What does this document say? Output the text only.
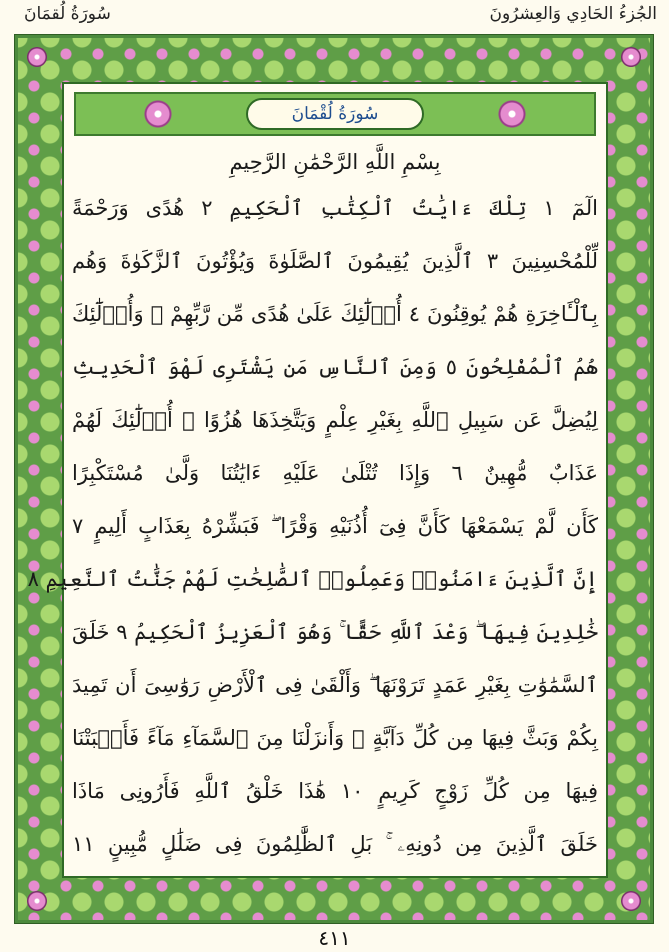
الجُزءُ الحَادِي وَالعِشرُونَ
سُورَةُ لُقمَانَ
سُورَةُ لُقْمَانَ
بِسْمِ اللَّهِ الرَّحْمَٰنِ الرَّحِيمِ
الٓمٓ ١ تِلْكَ ءَايَٰتُ ٱلْكِتَٰبِ ٱلْحَكِيمِ ٢ هُدًى وَرَحْمَةً
لِّلْمُحْسِنِينَ ٣ ٱلَّذِينَ يُقِيمُونَ ٱلصَّلَوٰةَ وَيُؤْتُونَ ٱلزَّكَوٰةَ وَهُم
بِٱلْـَٔاخِرَةِ هُمْ يُوقِنُونَ ٤ أُو۟لَٰٓئِكَ عَلَىٰ هُدًى مِّن رَّبِّهِمْ ۖ وَأُو۟لَٰٓئِكَ
هُمُ ٱلْمُفْلِحُونَ ٥ وَمِنَ ٱلنَّاسِ مَن يَشْتَرِى لَهْوَ ٱلْحَدِيثِ
لِيُضِلَّ عَن سَبِيلِ ٱللَّهِ بِغَيْرِ عِلْمٍ وَيَتَّخِذَهَا هُزُوًا ۚ أُو۟لَٰٓئِكَ لَهُمْ
عَذَابٌ مُّهِينٌ ٦ وَإِذَا تُتْلَىٰ عَلَيْهِ ءَايَٰتُنَا وَلَّىٰ مُسْتَكْبِرًا
كَأَن لَّمْ يَسْمَعْهَا كَأَنَّ فِىٓ أُذُنَيْهِ وَقْرًا ۖ فَبَشِّرْهُ بِعَذَابٍ أَلِيمٍ ٧
إِنَّ ٱلَّذِينَ ءَامَنُوا۟ وَعَمِلُوا۟ ٱلصَّٰلِحَٰتِ لَهُمْ جَنَّٰتُ ٱلنَّعِيمِ ٨
خَٰلِدِينَ فِيهَا ۖ وَعْدَ ٱللَّهِ حَقًّا ۚ وَهُوَ ٱلْعَزِيزُ ٱلْحَكِيمُ ٩ خَلَقَ
ٱلسَّمَٰوَٰتِ بِغَيْرِ عَمَدٍ تَرَوْنَهَا ۖ وَأَلْقَىٰ فِى ٱلْأَرْضِ رَوَٰسِىَ أَن تَمِيدَ
بِكُمْ وَبَثَّ فِيهَا مِن كُلِّ دَآبَّةٍ ۚ وَأَنزَلْنَا مِنَ ٱلسَّمَآءِ مَآءً فَأَنۢبَتْنَا
فِيهَا مِن كُلِّ زَوْجٍ كَرِيمٍ ١٠ هَٰذَا خَلْقُ ٱللَّهِ فَأَرُونِى مَاذَا
خَلَقَ ٱلَّذِينَ مِن دُونِهِۦ ۚ بَلِ ٱلظَّٰلِمُونَ فِى ضَلَٰلٍ مُّبِينٍ ١١
٤١١
